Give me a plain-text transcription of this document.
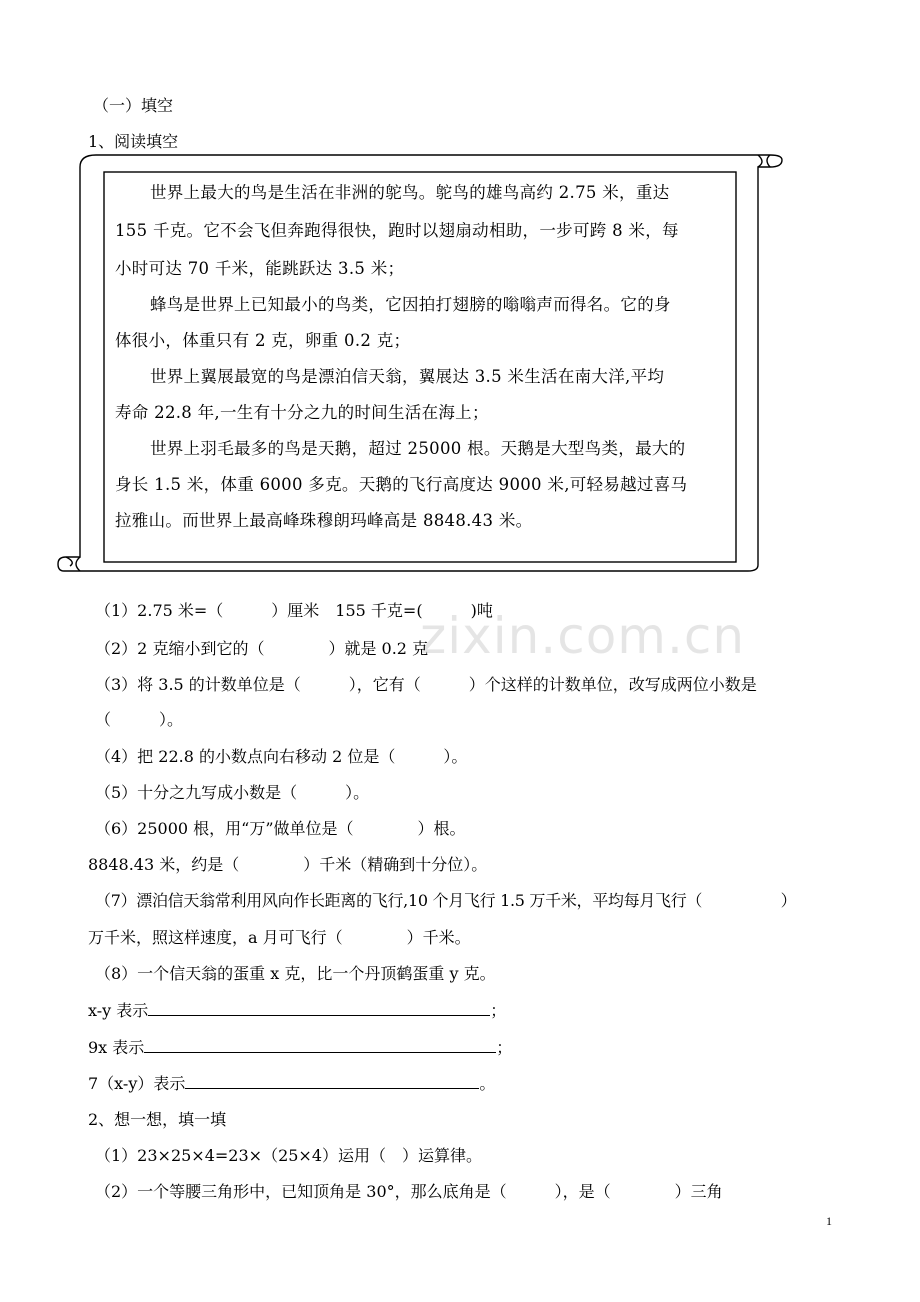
（一）填空
1、阅读填空
世界上最大的鸟是生活在非洲的鸵鸟。鸵鸟的雄鸟高约 2.75 米，重达
155 千克。它不会飞但奔跑得很快，跑时以翅扇动相助，一步可跨 8 米，每
小时可达 70 千米，能跳跃达 3.5 米；
蜂鸟是世界上已知最小的鸟类，它因拍打翅膀的嗡嗡声而得名。它的身
体很小，体重只有 2 克，卵重 0.2 克；
世界上翼展最宽的鸟是漂泊信天翁，翼展达 3.5 米生活在南大洋,平均
寿命 22.8 年,一生有十分之九的时间生活在海上；
世界上羽毛最多的鸟是天鹅，超过 25000 根。天鹅是大型鸟类，最大的
身长 1.5 米，体重 6000 多克。天鹅的飞行高度达 9000 米,可轻易越过喜马
拉雅山。而世界上最高峰珠穆朗玛峰高是 8848.43 米。
zixin.com.cn
（1）2.75 米=（　　　）厘米　155 千克=(　　　)吨
（2）2 克缩小到它的（　　　　）就是 0.2 克
（3）将 3.5 的计数单位是（　　　），它有（　　　）个这样的计数单位，改写成两位小数是
（　　　）。
（4）把 22.8 的小数点向右移动 2 位是（　　　）。
（5）十分之九写成小数是（　　　）。
（6）25000 根，用“万”做单位是（　　　　）根。
8848.43 米，约是（　　　　）千米（精确到十分位）。
（7）漂泊信天翁常利用风向作长距离的飞行,10 个月飞行 1.5 万千米，平均每月飞行（　　　　　）
万千米，照这样速度，a 月可飞行（　　　　）千米。
（8）一个信天翁的蛋重 x 克，比一个丹顶鹤蛋重 y 克。
x-y 表示	；
9x 表示	；
7（x-y）表示	。
2、想一想，填一填
（1）23×25×4=23×（25×4）运用（　）运算律。
（2）一个等腰三角形中，已知顶角是 30°，那么底角是（　　　），是（　　　　）三角
1
